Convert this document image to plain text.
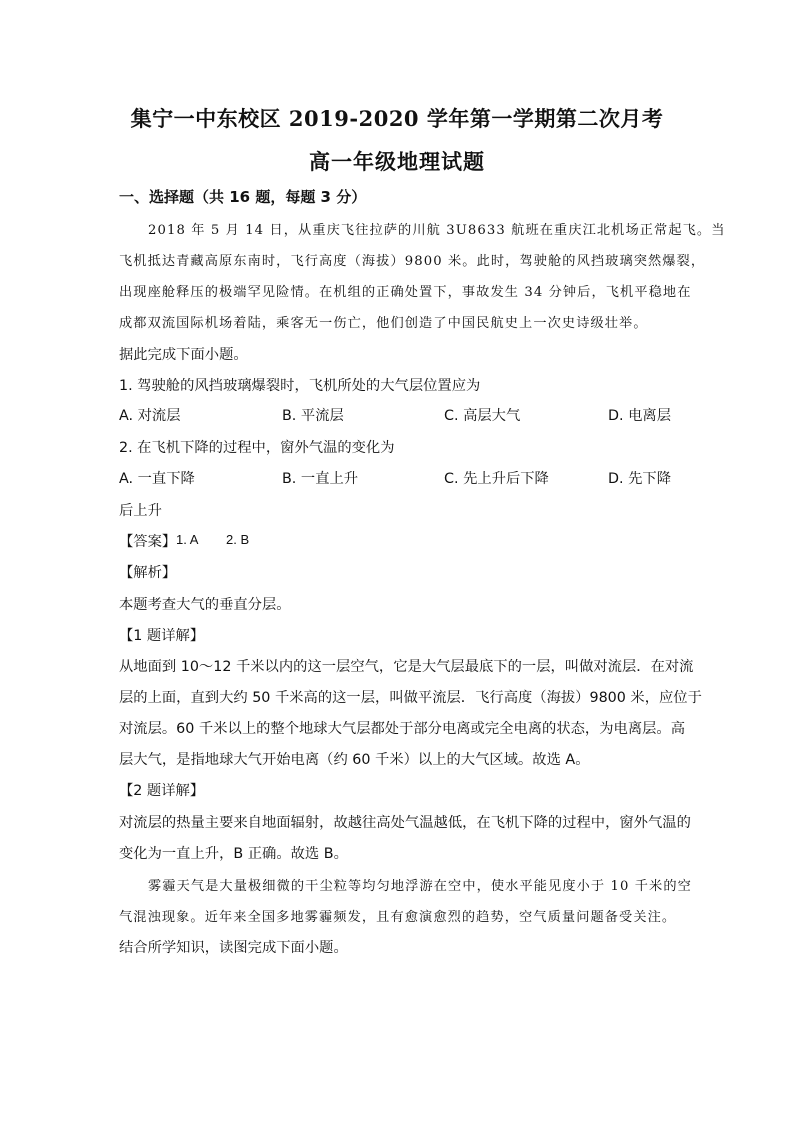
集宁一中东校区 2019-2020 学年第一学期第二次月考
高一年级地理试题
一、选择题（共 16 题，每题 3 分）
2018 年 5 月 14 日，从重庆飞往拉萨的川航 3U8633 航班在重庆江北机场正常起飞。当
飞机抵达青藏高原东南时，飞行高度（海拔）9800 米。此时，驾驶舱的风挡玻璃突然爆裂，
出现座舱释压的极端罕见险情。在机组的正确处置下，事故发生 34 分钟后，飞机平稳地在
成都双流国际机场着陆，乘客无一伤亡，他们创造了中国民航史上一次史诗级壮举。
据此完成下面小题。
1. 驾驶舱的风挡玻璃爆裂时，飞机所处的大气层位置应为
A. 对流层	B. 平流层	C. 高层大气	D. 电离层
2. 在飞机下降的过程中，窗外气温的变化为
A. 一直下降	B. 一直上升	C. 先上升后下降	D. 先下降
后上升
【答案】 1. A 2. B
【解析】
本题考查大气的垂直分层。
【1 题详解】
从地面到 10～12 千米以内的这一层空气，它是大气层最底下的一层，叫做对流层．在对流
层的上面，直到大约 50 千米高的这一层，叫做平流层．飞行高度（海拔）9800 米，应位于
对流层。60 千米以上的整个地球大气层都处于部分电离或完全电离的状态，为电离层。高
层大气，是指地球大气开始电离（约 60 千米）以上的大气区域。故选 A。
【2 题详解】
对流层的热量主要来自地面辐射，故越往高处气温越低，在飞机下降的过程中，窗外气温的
变化为一直上升，B 正确。故选 B。
雾霾天气是大量极细微的干尘粒等均匀地浮游在空中，使水平能见度小于 10 千米的空
气混浊现象。近年来全国多地雾霾频发，且有愈演愈烈的趋势，空气质量问题备受关注。
结合所学知识，读图完成下面小题。
